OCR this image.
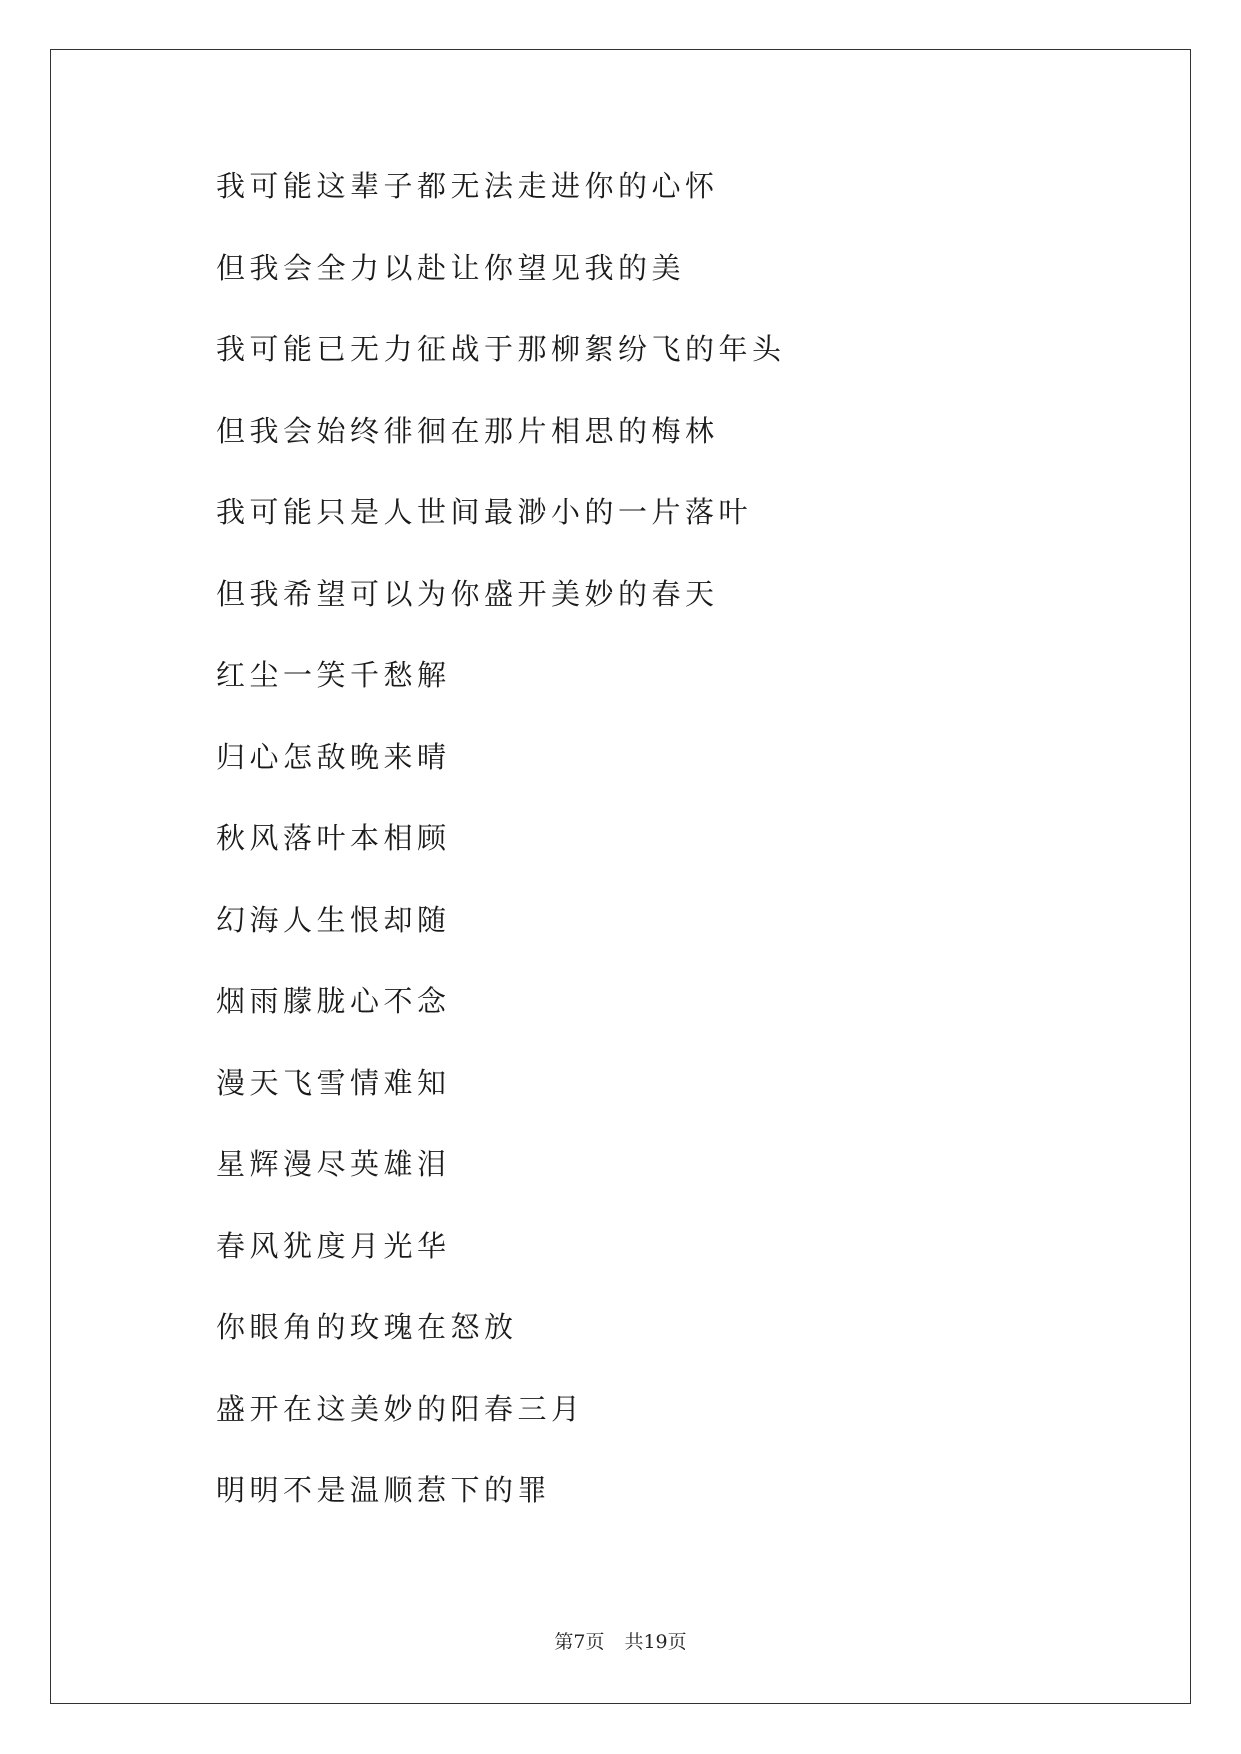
我可能这辈子都无法走进你的心怀
但我会全力以赴让你望见我的美
我可能已无力征战于那柳絮纷飞的年头
但我会始终徘徊在那片相思的梅林
我可能只是人世间最渺小的一片落叶
但我希望可以为你盛开美妙的春天
红尘一笑千愁解
归心怎敌晚来晴
秋风落叶本相顾
幻海人生恨却随
烟雨朦胧心不念
漫天飞雪情难知
星辉漫尽英雄泪
春风犹度月光华
你眼角的玫瑰在怒放
盛开在这美妙的阳春三月
明明不是温顺惹下的罪
第7页 共19页
